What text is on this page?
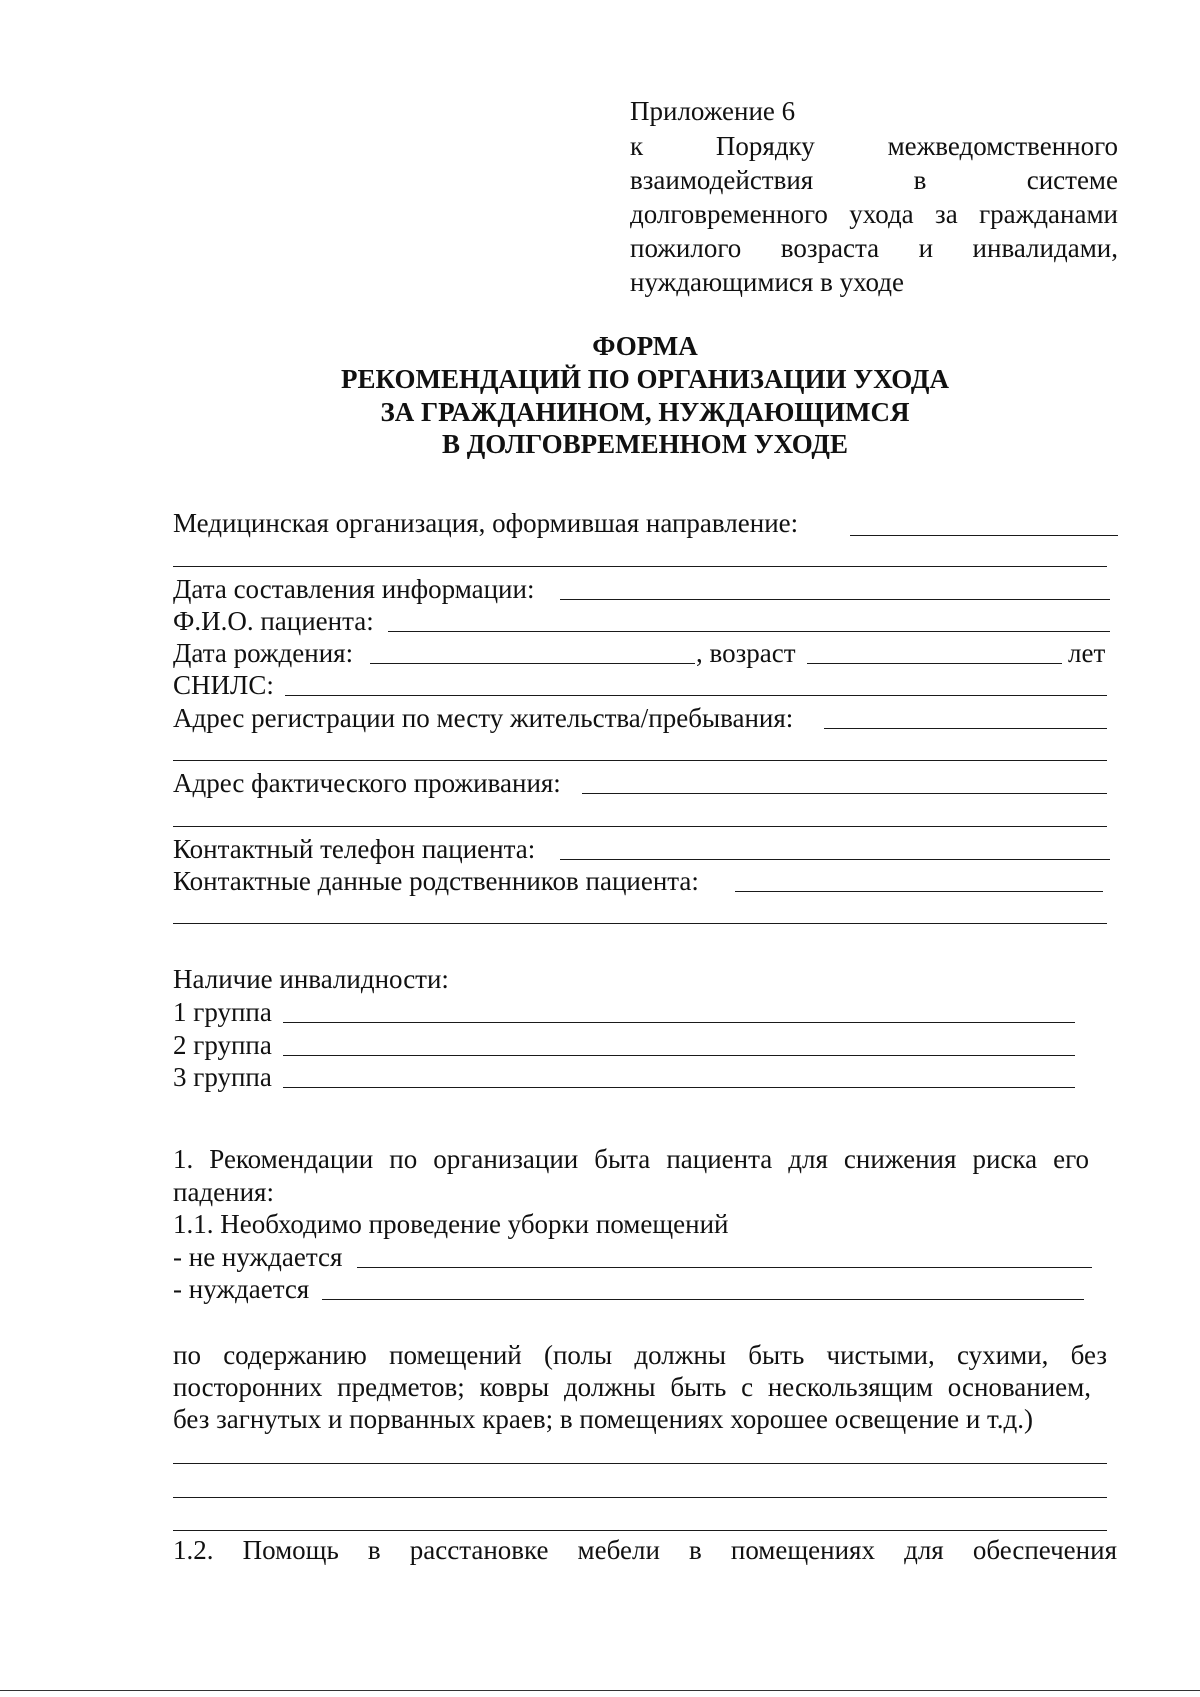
Приложение 6
к Порядку межведомственного
взаимодействия в системе
долговременного ухода за гражданами
пожилого возраста и инвалидами,
нуждающимися в уходе
ФОРМА
РЕКОМЕНДАЦИЙ ПО ОРГАНИЗАЦИИ УХОДА
ЗА ГРАЖДАНИНОМ, НУЖДАЮЩИМСЯ
В ДОЛГОВРЕМЕННОМ УХОДЕ
Медицинская организация, оформившая направление:
Дата составления информации:
Ф.И.О. пациента:
Дата рождения:	, возраст	лет
СНИЛС:
Адрес регистрации по месту жительства/пребывания:
Адрес фактического проживания:
Контактный телефон пациента:
Контактные данные родственников пациента:
Наличие инвалидности:
1 группа
2 группа
3 группа
1. Рекомендации по организации быта пациента для снижения риска его
падения:
1.1. Необходимо проведение уборки помещений
- не нуждается
- нуждается
по содержанию помещений (полы должны быть чистыми, сухими, без
посторонних предметов; ковры должны быть с нескользящим основанием,
без загнутых и порванных краев; в помещениях хорошее освещение и т.д.)
1.2. Помощь в расстановке мебели в помещениях для обеспечения
